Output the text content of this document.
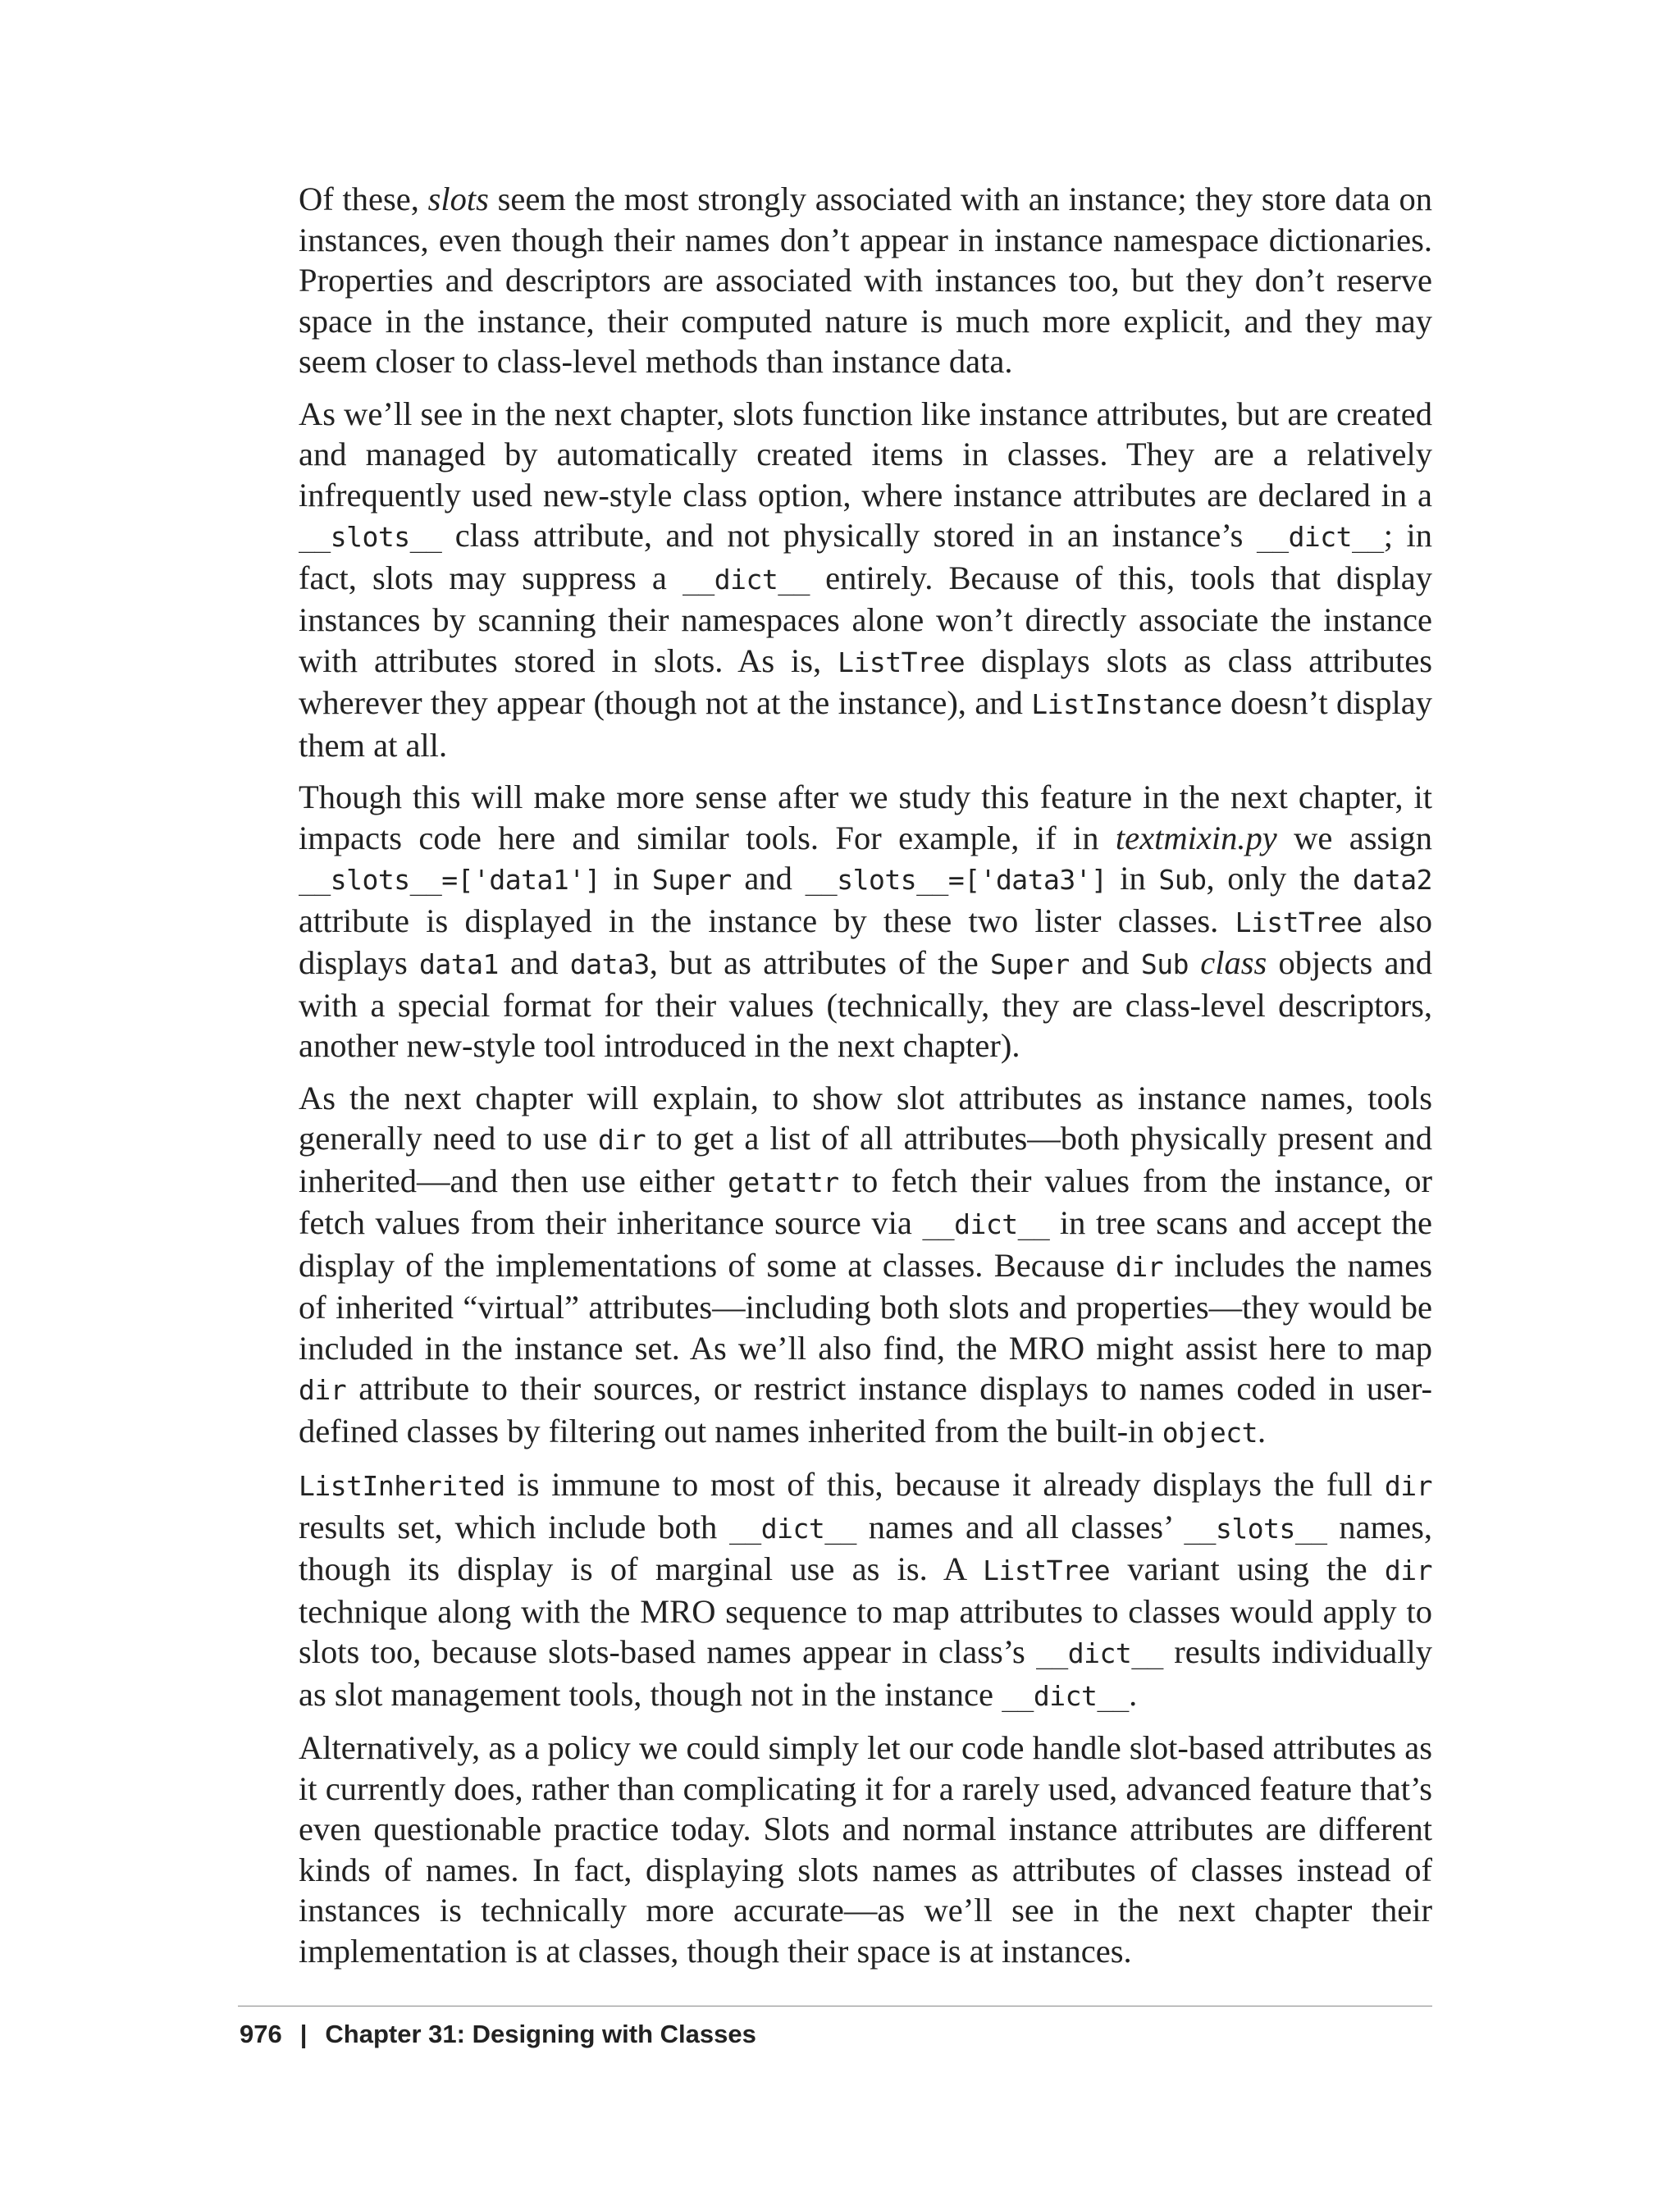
Of these, slots seem the most strongly associated with an instance; they store data on instances, even though their names don’t appear in instance namespace dictionaries. Properties and descriptors are associated with instances too, but they don’t reserve space in the instance, their computed nature is much more explicit, and they may seem closer to class-level methods than instance data.

As we’ll see in the next chapter, slots function like instance attributes, but are created and managed by automatically created items in classes. They are a relatively infrequently used new-style class option, where instance attributes are declared in a __slots__ class attribute, and not physically stored in an instance’s __dict__; in fact, slots may suppress a __dict__ entirely. Because of this, tools that display instances by scanning their namespaces alone won’t directly associate the instance with attributes stored in slots. As is, ListTree displays slots as class attributes wherever they appear (though not at the instance), and ListInstance doesn’t display them at all.

Though this will make more sense after we study this feature in the next chapter, it impacts code here and similar tools. For example, if in textmixin.py we assign __slots__=['data1'] in Super and __slots__=['data3'] in Sub, only the data2 attribute is displayed in the instance by these two lister classes. ListTree also displays data1 and data3, but as attributes of the Super and Sub class objects and with a special format for their values (technically, they are class-level descriptors, another new-style tool introduced in the next chapter).

As the next chapter will explain, to show slot attributes as instance names, tools generally need to use dir to get a list of all attributes—both physically present and inherited—and then use either getattr to fetch their values from the instance, or fetch values from their inheritance source via __dict__ in tree scans and accept the display of the implementations of some at classes. Because dir includes the names of inherited “virtual” attributes—including both slots and properties—they would be included in the instance set. As we’ll also find, the MRO might assist here to map dir attribute to their sources, or restrict instance displays to names coded in user-defined classes by filtering out names inherited from the built-in object.

ListInherited is immune to most of this, because it already displays the full dir results set, which include both __dict__ names and all classes’ __slots__ names, though its display is of marginal use as is. A ListTree variant using the dir technique along with the MRO sequence to map attributes to classes would apply to slots too, because slots-based names appear in class’s __dict__ results individually as slot management tools, though not in the instance __dict__.

Alternatively, as a policy we could simply let our code handle slot-based attributes as it currently does, rather than complicating it for a rarely used, advanced feature that’s even questionable practice today. Slots and normal instance attributes are different kinds of names. In fact, displaying slots names as attributes of classes instead of instances is technically more accurate—as we’ll see in the next chapter their implementation is at classes, though their space is at instances.

976 | Chapter 31: Designing with Classes
